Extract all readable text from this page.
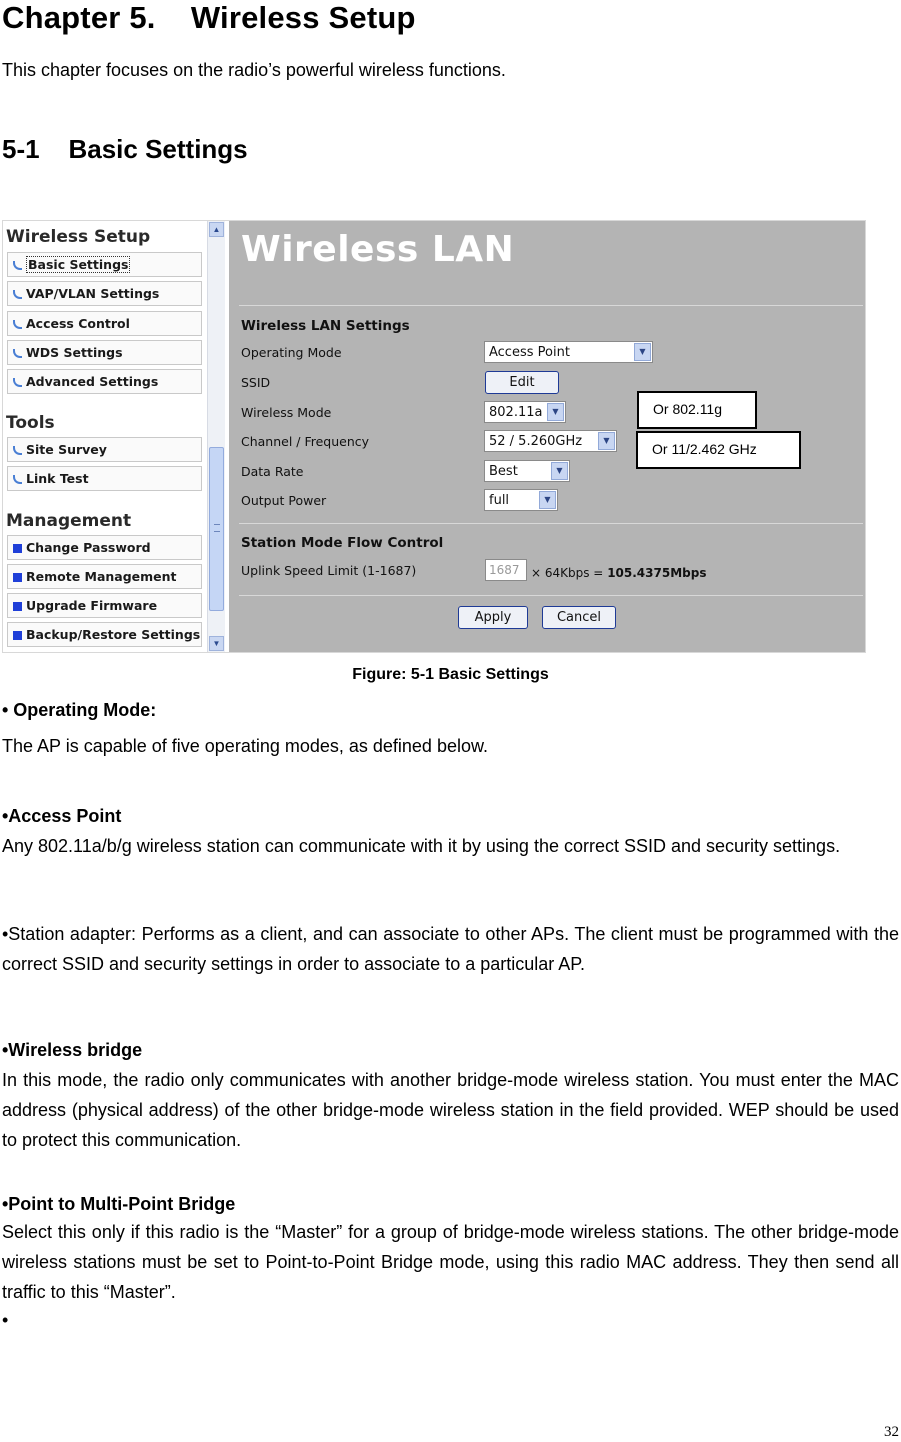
Chapter 5.    Wireless Setup
This chapter focuses on the radio’s powerful wireless functions.
5-1    Basic Settings
Wireless Setup
Basic Settings
VAP/VLAN Settings
Access Control
WDS Settings
Advanced Settings
Tools
Site Survey
Link Test
Management
Change Password
Remote Management
Upgrade Firmware
Backup/Restore Settings
▲
▼
Wireless LAN
Wireless LAN Settings
Operating Mode	Access Point	▼
SSID	Edit
Wireless Mode	802.11a	▼
Channel / Frequency	52 / 5.260GHz	▼
Data Rate	Best	▼
Output Power	full	▼
Station Mode Flow Control
Uplink Speed Limit (1-1687)	1687 × 64Kbps = 105.4375Mbps
Apply	Cancel
Or 802.11g
Or 11/2.462 GHz
Figure: 5-1 Basic Settings
• Operating Mode:
The AP is capable of five operating modes, as defined below.
•Access Point
Any 802.11a/b/g wireless station can communicate with it by using the correct SSID and security settings.
•Station adapter: Performs as a client, and can associate to other APs. The client must be programmed with the correct SSID and security settings in order to associate to a particular AP.
•Wireless bridge
In this mode, the radio only communicates with another bridge-mode wireless station. You must enter the MAC address (physical address) of the other bridge-mode wireless station in the field provided. WEP should be used to protect this communication.
•Point to Multi-Point Bridge
Select this only if this radio is the “Master” for a group of bridge-mode wireless stations. The other bridge-mode wireless stations must be set to Point-to-Point Bridge mode, using this radio MAC address. They then send all traffic to this “Master”.
•
32
